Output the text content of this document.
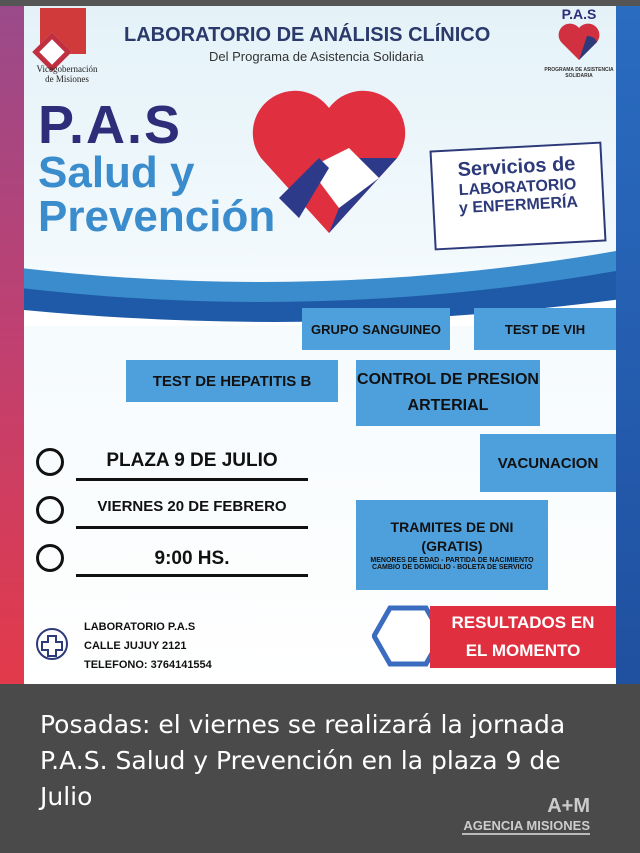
Vicegobernación de Misiones
LABORATORIO DE ANÁLISIS CLÍNICO
Del Programa de Asistencia Solidaria
P.A.S
PROGRAMA DE ASISTENCIA SOLIDARIA
P.A.S
Salud y
Prevención
Servicios de
LABORATORIO
y ENFERMERÍA
GRUPO SANGUINEO	TEST DE VIH
TEST DE HEPATITIS B	CONTROL DE PRESION ARTERIAL
VACUNACION
TRAMITES DE DNI
(GRATIS)
MENORES DE EDAD - PARTIDA DE NACIMIENTO
CAMBIO DE DOMICILIO - BOLETA DE SERVICIO
PLAZA 9 DE JULIO
VIERNES 20 DE FEBRERO
9:00 HS.
LABORATORIO P.A.S
CALLE JUJUY 2121
TELEFONO: 3764141554
RESULTADOS EN
EL MOMENTO
Posadas: el viernes se realizará la jornada P.A.S. Salud y Prevención en la plaza 9 de Julio	A+M
AGENCIA MISIONES
